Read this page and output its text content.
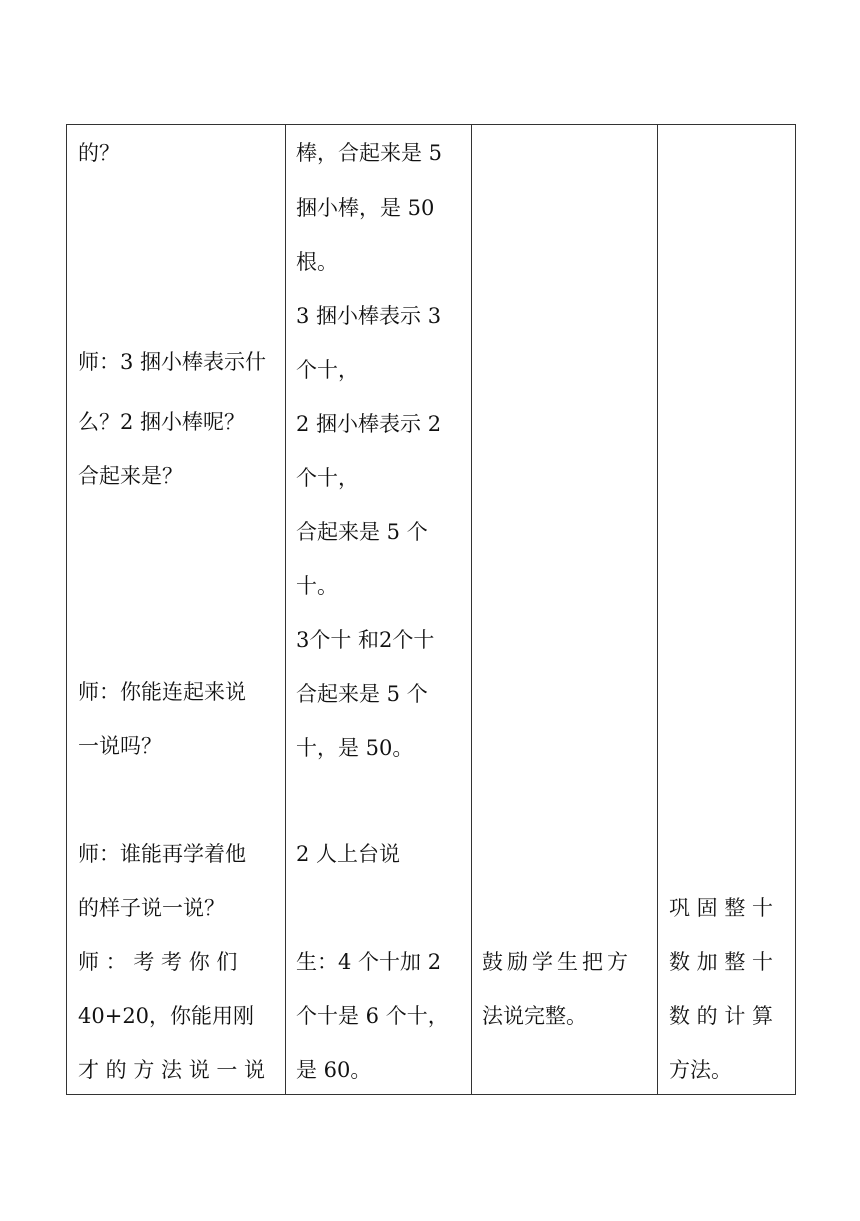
的？
师：3 捆小棒表示什
么？2 捆小棒呢？
合起来是？
师：你能连起来说
一说吗？
师：谁能再学着他
的样子说一说？
师 ： 考 考 你 们
40+20，你能用刚
才 的 方 法 说 一 说

棒，合起来是 5
捆小棒，是 50
根。
3 捆小棒表示 3
个十，
2 捆小棒表示 2
个十，
合起来是 5 个
十。
3个十 和2个十
合起来是 5 个
十，是 50。
2 人上台说
生：4 个十加 2
个十是 6 个十，
是 60。

鼓励学生把方
法说完整。

巩 固 整 十
数 加 整 十
数 的 计 算
方法。
